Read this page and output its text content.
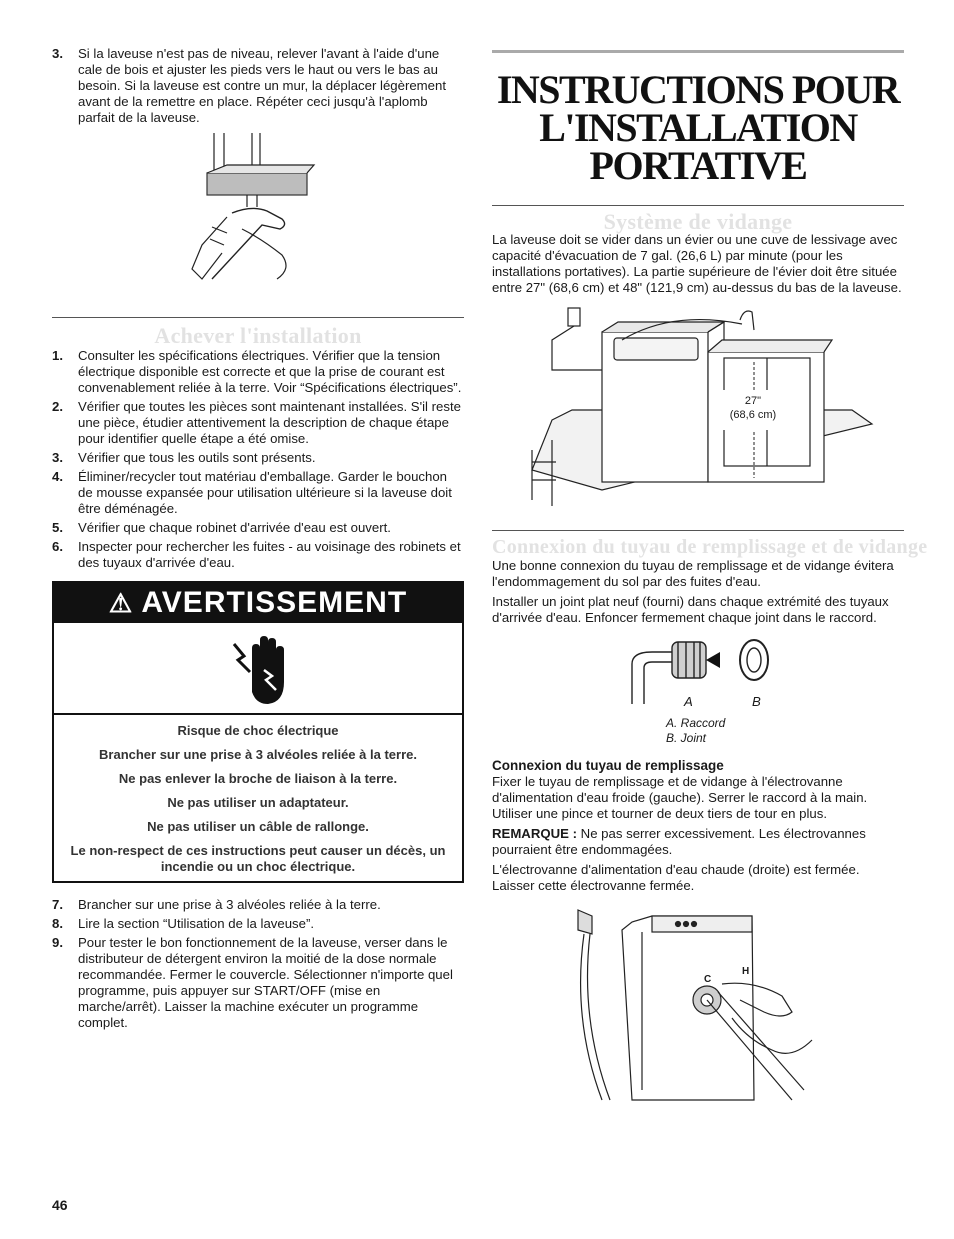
3.	Si la laveuse n'est pas de niveau, relever l'avant à l'aide d'une cale de bois et ajuster les pieds vers le haut ou vers le bas au besoin. Si la laveuse est contre un mur, la déplacer légèrement avant de la remettre en place. Répéter ceci jusqu'à l'aplomb parfait de la laveuse.
Achever l'installation
1.	Consulter les spécifications électriques. Vérifier que la tension électrique disponible est correcte et que la prise de courant est convenablement reliée à la terre. Voir “Spécifications électriques”.
2.	Vérifier que toutes les pièces sont maintenant installées. S'il reste une pièce, étudier attentivement la description de chaque étape pour identifier quelle étape a été omise.
3.	Vérifier que tous les outils sont présents.
4.	Éliminer/recycler tout matériau d'emballage. Garder le bouchon de mousse expansée pour utilisation ultérieure si la laveuse doit être déménagée.
5.	Vérifier que chaque robinet d'arrivée d'eau est ouvert.
6.	Inspecter pour rechercher les fuites - au voisinage des robinets et des tuyaux d'arrivée d'eau.
⚠ AVERTISSEMENT
Risque de choc électrique
Brancher sur une prise à 3 alvéoles reliée à la terre.
Ne pas enlever la broche de liaison à la terre.
Ne pas utiliser un adaptateur.
Ne pas utiliser un câble de rallonge.
Le non-respect de ces instructions peut causer un décès, un incendie ou un choc électrique.
7.	Brancher sur une prise à 3 alvéoles reliée à la terre.
8.	Lire la section “Utilisation de la laveuse”.
9.	Pour tester le bon fonctionnement de la laveuse, verser dans le distributeur de détergent environ la moitié de la dose normale recommandée. Fermer le couvercle. Sélectionner n'importe quel programme, puis appuyer sur START/OFF (mise en marche/arrêt). Laisser la machine exécuter un programme complet.
INSTRUCTIONS POUR
L'INSTALLATION PORTATIVE
Système de vidange

La laveuse doit se vider dans un évier ou une cuve de lessivage avec capacité d'évacuation de 7 gal. (26,6 L) par minute (pour les installations portatives). La partie supérieure de l'évier doit être située entre 27" (68,6 cm) et 48" (121,9 cm) au-dessus du bas de la laveuse.

27"
(68,6 cm)
Connexion du tuyau de remplissage et de vidange

Une bonne connexion du tuyau de remplissage et de vidange évitera l'endommagement du sol par des fuites d'eau.

Installer un joint plat neuf (fourni) dans chaque extrémité des tuyaux d'arrivée d'eau. Enfoncer fermement chaque joint dans le raccord.

A	B
A. Raccord
B. Joint
Connexion du tuyau de remplissage

Fixer le tuyau de remplissage et de vidange à l'électrovanne d'alimentation d'eau froide (gauche). Serrer le raccord à la main. Utiliser une pince et tourner de deux tiers de tour en plus.

REMARQUE : Ne pas serrer excessivement. Les électrovannes pourraient être endommagées.

L'électrovanne d'alimentation d'eau chaude (droite) est fermée. Laisser cette électrovanne fermée.

C
H
46
